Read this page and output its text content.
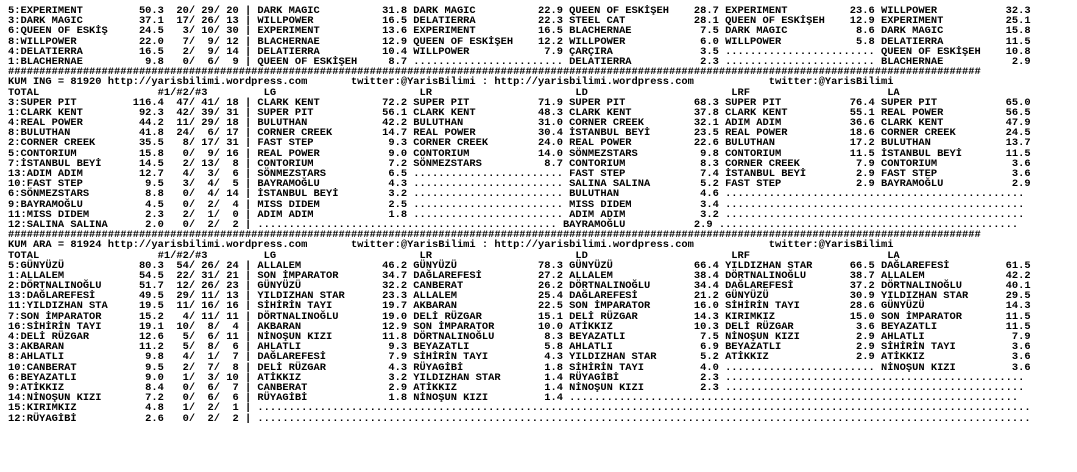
5:EXPERIMENT         50.3  20/ 29/ 20 | DARK MAGIC          31.8 DARK MAGIC          22.9 QUEEN OF ESKİŞEH    28.7 EXPERIMENT          23.6 WILLPOWER           32.3
3:DARK MAGIC         37.1  17/ 26/ 13 | WILLPOWER           16.5 DELATIERRA          22.3 STEEL CAT           28.1 QUEEN OF ESKİŞEH    12.9 EXPERIMENT          25.1
6:QUEEN OF ESKİŞ     24.5   3/ 10/ 30 | EXPERIMENT          13.6 EXPERIMENT          16.5 BLACHERNAE           7.5 DARK MAGIC           8.6 DARK MAGIC          15.8
8:WILLPOWER          22.0   7/  9/ 12 | BLACHERNAE          12.9 QUEEN OF ESKİŞEH    12.2 WILLPOWER            6.0 WILLPOWER            5.8 DELATIERRA          11.5
4:DELATIERRA         16.5   2/  9/ 14 | DELATIERRA          10.4 WILLPOWER            7.9 ÇARÇIRA              3.5 ........................ QUEEN OF ESKİŞEH    10.8
1:BLACHERNAE          9.8   0/  6/  9 | QUEEN OF ESKİŞEH     8.7 ........................ DELATIERRA           2.3 ........................ BLACHERNAE           2.9
############################################################################################################################################################
KUM ING = 81920 http://yarisbilimi.wordpress.com       twitter:@YarisBilimi : http://yarisbilimi.wordpress.com            twitter:@YarisBilimi
TOTAL                   #1/#2/#3         LG                       LR                       LD                       LRF                      LA
3:SUPER PIT         116.4  47/ 41/ 18 | CLARK KENT          72.2 SUPER PIT           71.9 SUPER PIT           68.3 SUPER PIT           76.4 SUPER PIT           65.0
1:CLARK KENT         92.3  42/ 39/ 31 | SUPER PIT           56.1 CLARK KENT          48.3 CLARK KENT          37.8 CLARK KENT          55.1 REAL POWER          56.5
4:REAL POWER         44.2  11/ 29/ 18 | BULUTHAN            42.2 BULUTHAN            31.0 CORNER CREEK        32.1 ADIM ADIM           36.6 CLARK KENT          47.9
8:BULUTHAN           41.8  24/  6/ 17 | CORNER CREEK        14.7 REAL POWER          30.4 İSTANBUL BEYİ       23.5 REAL POWER          18.6 CORNER CREEK        24.5
2:CORNER CREEK       35.5   8/ 17/ 31 | FAST STEP            9.3 CORNER CREEK        24.0 REAL POWER          22.6 BULUTHAN            17.2 BULUTHAN            13.7
5:CONTORIUM          15.8   0/  9/ 16 | REAL POWER           9.0 CONTORIUM           14.0 SÖNMEZSTARS          9.8 CONTORIUM           11.5 İSTANBUL BEYİ       11.5
7:İSTANBUL BEYİ      14.5   2/ 13/  8 | CONTORIUM            7.2 SÖNMEZSTARS          8.7 CONTORIUM            8.3 CORNER CREEK         7.9 CONTORIUM            3.6
13:ADIM ADIM         12.7   4/  3/  6 | SÖNMEZSTARS          6.5 ........................ FAST STEP            7.4 İSTANBUL BEYİ        2.9 FAST STEP            3.6
10:FAST STEP          9.5   3/  4/  5 | BAYRAMOĞLU           4.3 ........................ SALINA SALINA        5.2 FAST STEP            2.9 BAYRAMOĞLU           2.9
6:SÖNMEZSTARS         8.8   0/  4/ 14 | İSTANBUL BEYİ        3.2 ........................ BULUTHAN             4.6 ................................................
9:BAYRAMOĞLU          4.5   0/  2/  4 | MISS DIDEM           2.5 ........................ MISS DIDEM           3.4 ................................................
11:MISS DIDEM         2.3   2/  1/  0 | ADIM ADIM            1.8 ........................ ADIM ADIM            3.2 ................................................
12:SALINA SALINA      2.0   0/  2/  2 | ................................................ BAYRAMOĞLU           2.9 ................................................
############################################################################################################################################################
KUM ARA = 81924 http://yarisbilimi.wordpress.com       twitter:@YarisBilimi : http://yarisbilimi.wordpress.com            twitter:@YarisBilimi
TOTAL                   #1/#2/#3         LG                       LR                       LD                       LRF                      LA
5:GÜNYÜZÜ            80.3  54/ 26/ 24 | ALLALEM             46.2 GÜNYÜZÜ             78.3 GÜNYÜZÜ             66.4 YILDIZHAN STAR      66.5 DAĞLAREFESİ         61.5
1:ALLALEM            54.5  22/ 31/ 21 | SON İMPARATOR       34.7 DAĞLAREFESİ         27.2 ALLALEM             38.4 DÖRTNALINOĞLU       38.7 ALLALEM             42.2
2:DÖRTNALINOĞLU      51.7  12/ 26/ 23 | GÜNYÜZÜ             32.2 CANBERAT            26.2 DÖRTNALINOĞLU       34.4 DAĞLAREFESİ         37.2 DÖRTNALINOĞLU       40.1
13:DAĞLAREFESİ       49.5  29/ 11/ 13 | YILDIZHAN STAR      23.3 ALLALEM             25.4 DAĞLAREFESİ         21.2 GÜNYÜZÜ             30.9 YILDIZHAN STAR      29.5
11:YILDIZHAN STA     19.5  11/ 16/ 16 | SİHİRİN TAYI        19.7 AKBARAN             22.5 SON İMPARATOR       16.0 SİHİRİN TAYI        28.6 GÜNYÜZÜ             14.3
7:SON İMPARATOR      15.2   4/ 11/ 11 | DÖRTNALINOĞLU       19.0 DELİ RÜZGAR         15.1 DELİ RÜZGAR         14.3 KIRIMKIZ            15.0 SON İMPARATOR       11.5
16:SİHİRİN TAYI      19.1  10/  8/  4 | AKBARAN             12.9 SON İMPARATOR       10.0 ATİKKIZ             10.3 DELİ RÜZGAR          3.6 BEYAZATLI           11.5
4:DELİ RÜZGAR        12.6   5/  6/ 11 | NİNOŞUN KIZI        11.8 DÖRTNALINOĞLU        8.3 BEYAZATLI            7.5 NİNOŞUN KIZI         2.9 AHLATLI              7.9
3:AKBARAN            11.2   5/  8/  6 | AHLATLI              9.3 BEYAZATLI            5.8 AHLATLI              6.9 BEYAZATLI            2.9 SİHİRİN TAYI         3.6
8:AHLATLI             9.8   4/  1/  7 | DAĞLAREFESİ          7.9 SİHİRİN TAYI         4.3 YILDIZHAN STAR       5.2 ATİKKIZ              2.9 ATİKKIZ              3.6
10:CANBERAT           9.5   2/  7/  8 | DELİ RÜZGAR          4.3 RÜYAGİBİ             1.8 SİHİRİN TAYI         4.0 ........................ NİNOŞUN KIZI         3.6
6:BEYAZATLI           9.0   1/  3/ 10 | ATİKKIZ              3.2 YILDIZHAN STAR       1.4 RÜYAGİBİ             2.3 ................................................
9:ATİKKIZ             8.4   0/  6/  7 | CANBERAT             2.9 ATİKKIZ              1.4 NİNOŞUN KIZI         2.3 ................................................
14:NİNOŞUN KIZI       7.2   0/  6/  6 | RÜYAGİBİ             1.8 NİNOŞUN KIZI         1.4 ........................................................................
15:KIRIMKIZ           4.8   1/  2/  1 | ............................................................................................................................
12:RÜYAGİBİ           2.6   0/  2/  2 | ............................................................................................................................
